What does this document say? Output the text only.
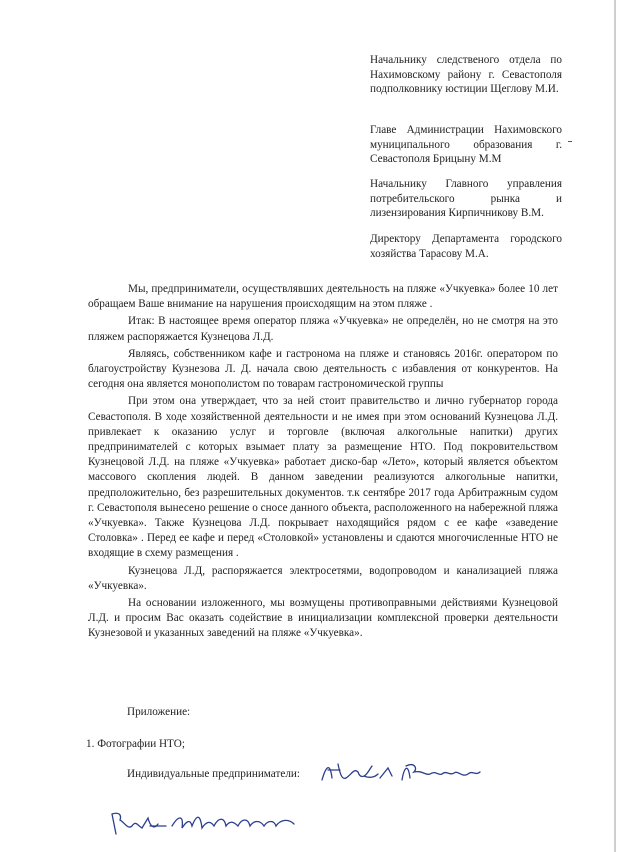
Начальнику следственого отдела по Нахимовскому району г. Севастополя подполковнику юстиции Щеглову М.И.

Главе Администрации Нахимовского муниципального образования г. Севастополя Брицыну М.М

Начальнику Главного управления потребительского рынка и лизензирования Кирпичникову В.М.

Директору Департамента городского хозяйства Тарасову М.А.

Мы, предприниматели, осуществлявших деятельность на пляже «Учкуевка» более 10 лет обращаем Ваше внимание на нарушения происходящим на этом пляже .

Итак: В настоящее время оператор пляжа «Учкуевка» не определён, но не смотря на это пляжем распоряжается Кузнецова Л.Д.

Являясь, собственником кафе и гастронома на пляже и становясь 2016г. оператором по благоустройству Кузнезова Л. Д. начала свою деятельность с избавления от конкурентов. На сегодня она является монополистом по товарам гастрономической группы

При этом она утверждает, что за ней стоит правительство и лично губернатор города Севастополя. В ходе хозяйственной деятельности и не имея при этом оснований Кузнецова Л.Д. привлекает к оказанию услуг и торговле (включая алкогольные напитки) других предпринимателей с которых взымает плату за размещение НТО. Под покровительством Кузнецовой Л.Д. на пляже «Учкуевка» работает диско-бар «Лето», который является объектом массового скопления людей. В данном заведении реализуются алкогольные напитки, предположительно, без разрешительных документов. т.к сентябре 2017 года Арбитражным судом г. Севастополя вынесено решение о сносе данного объекта, расположенного на набережной пляжа «Учкуевка». Также Кузнецова Л.Д. покрывает находящийся рядом с ее кафе «заведение Столовка» . Перед ее кафе и перед «Столовкой» установлены и сдаются многочисленные НТО не входящие в схему размещения .

Кузнецова Л.Д, распоряжается электросетями, водопроводом и канализацией пляжа «Учкуевка».

На основании изложенного, мы возмущены противоправными действиями Кузнецовой Л.Д. и просим Вас оказать содействие в инициализации комплексной проверки деятельности Кузнезовой и указанных заведений на пляже «Учкуевка».

Приложение:
1. Фотографии НТО;
Индивидуальные предприниматели:
